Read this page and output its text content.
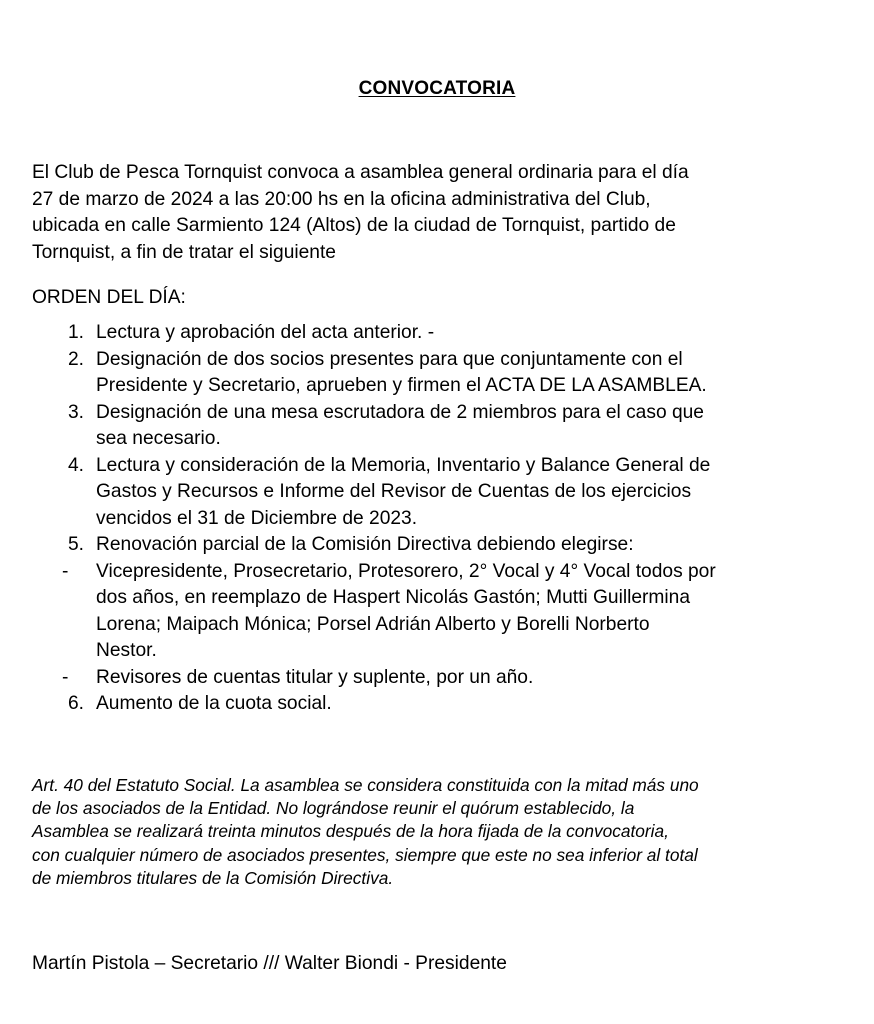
CONVOCATORIA
El Club de Pesca Tornquist convoca a asamblea general ordinaria para el día
27 de marzo de 2024 a las 20:00 hs en la oficina administrativa del Club,
ubicada en calle Sarmiento 124 (Altos) de la ciudad de Tornquist, partido de
Tornquist, a fin de tratar el siguiente
ORDEN DEL DÍA:
1. Lectura y aprobación del acta anterior. -
2. Designación de dos socios presentes para que conjuntamente con el
Presidente y Secretario, aprueben y firmen el ACTA DE LA ASAMBLEA.
3. Designación de una mesa escrutadora de 2 miembros para el caso que
sea necesario.
4. Lectura y consideración de la Memoria, Inventario y Balance General de
Gastos y Recursos e Informe del Revisor de Cuentas de los ejercicios
vencidos el 31 de Diciembre de 2023.
5. Renovación parcial de la Comisión Directiva debiendo elegirse:
-	Vicepresidente, Prosecretario, Protesorero, 2° Vocal y 4° Vocal todos por
dos años, en reemplazo de Haspert Nicolás Gastón; Mutti Guillermina
Lorena; Maipach Mónica; Porsel Adrián Alberto y Borelli Norberto
Nestor.
-	Revisores de cuentas titular y suplente, por un año.
6. Aumento de la cuota social.
Art. 40 del Estatuto Social. La asamblea se considera constituida con la mitad más uno
de los asociados de la Entidad. No lográndose reunir el quórum establecido, la
Asamblea se realizará treinta minutos después de la hora fijada de la convocatoria,
con cualquier número de asociados presentes, siempre que este no sea inferior al total
de miembros titulares de la Comisión Directiva.
Martín Pistola – Secretario /// Walter Biondi - Presidente
